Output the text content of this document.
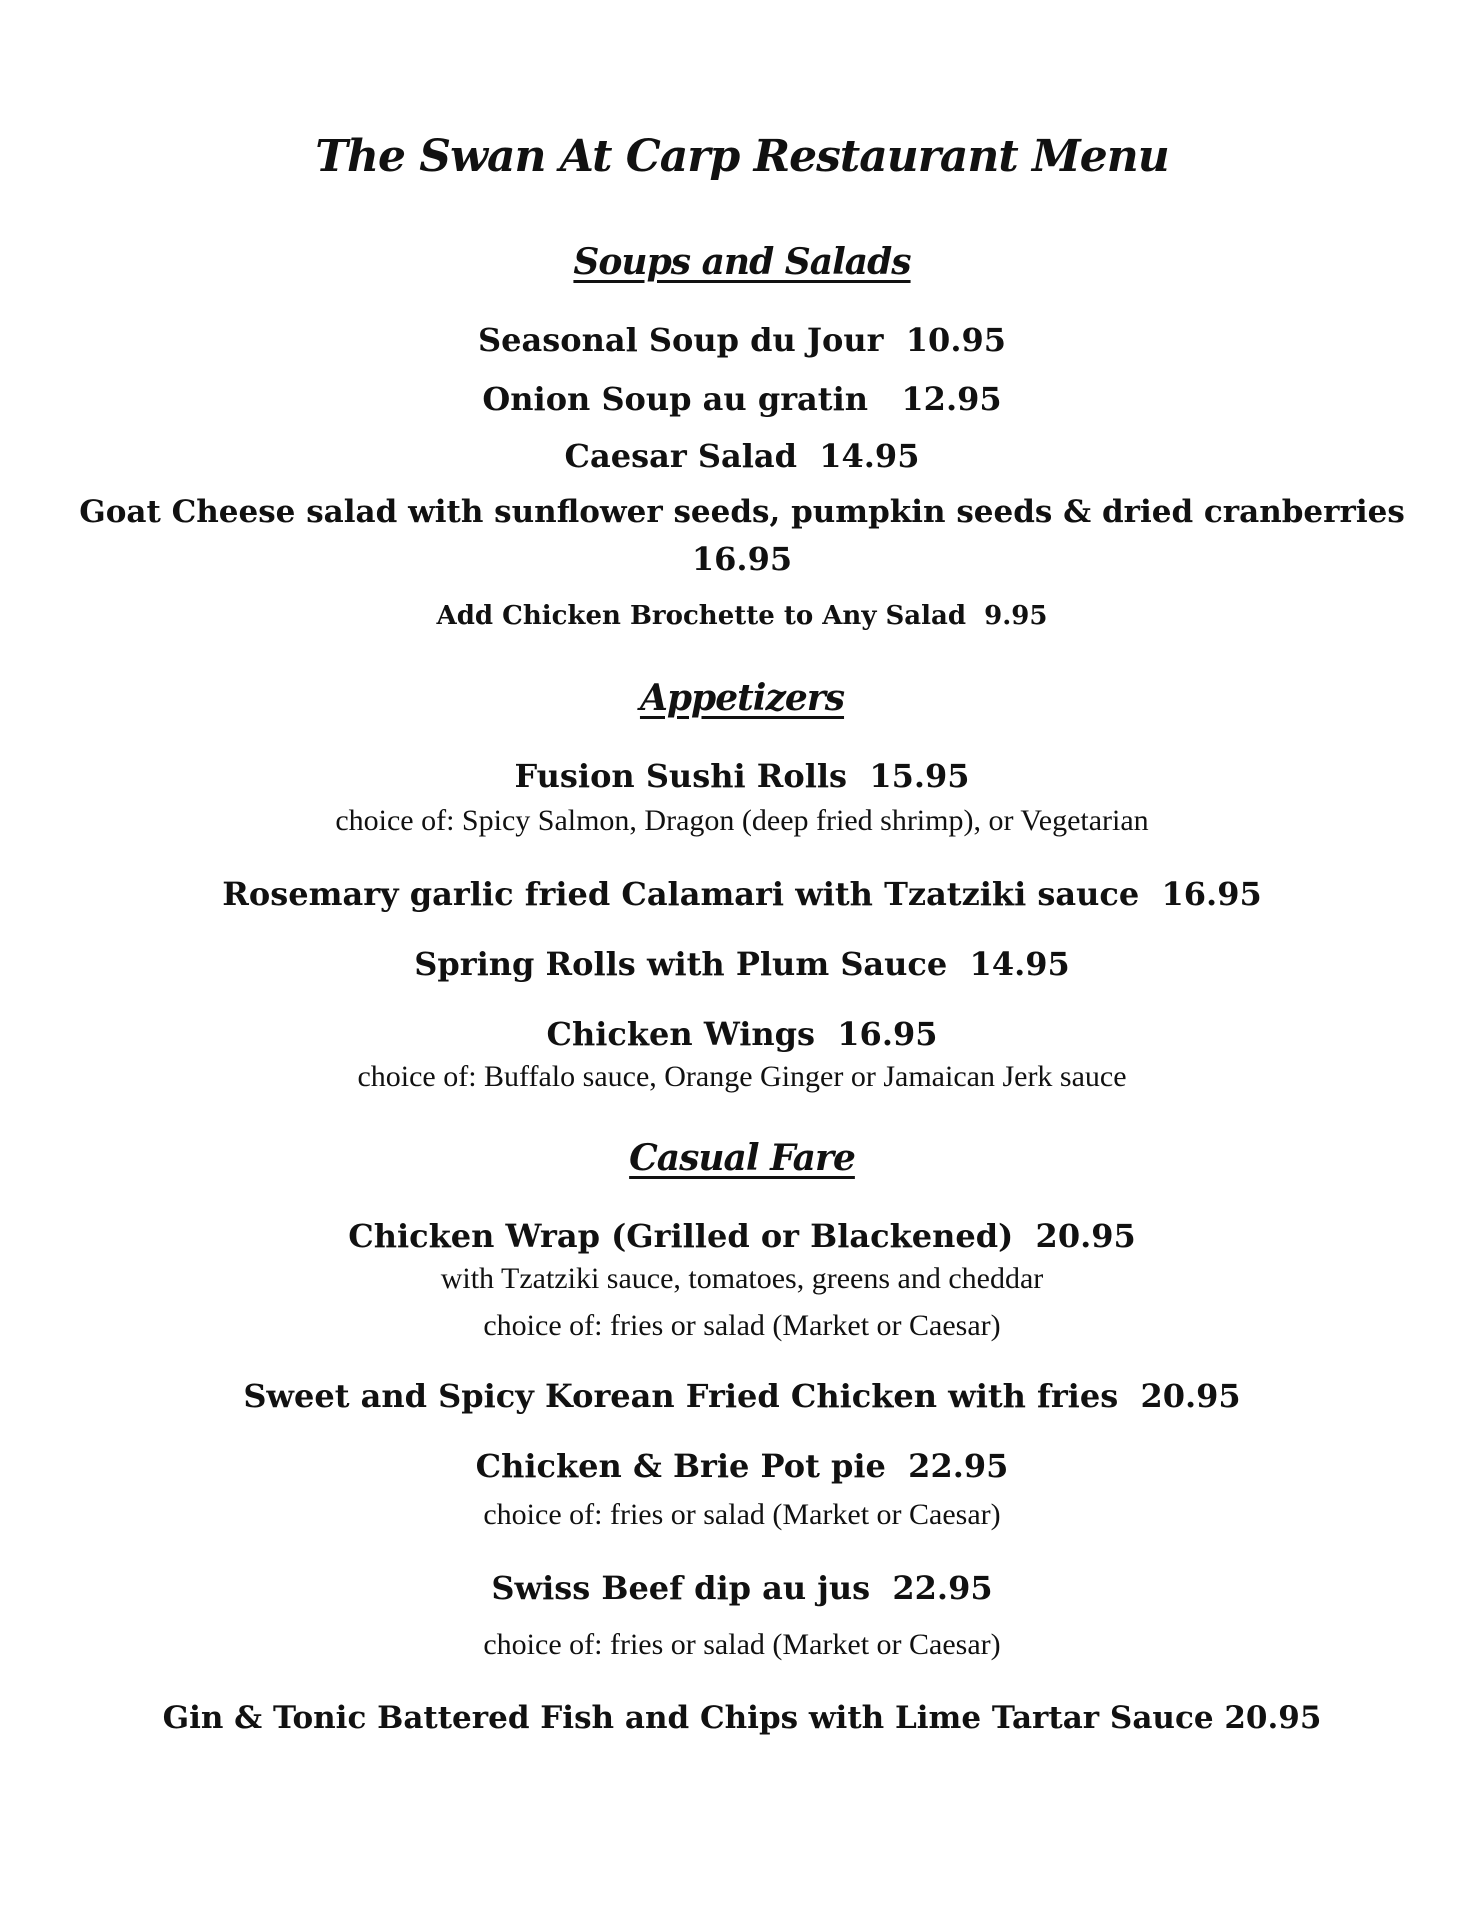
The Swan At Carp Restaurant Menu
Soups and Salads
Seasonal Soup du Jour  10.95
Onion Soup au gratin   12.95
Caesar Salad  14.95
Goat Cheese salad with sunflower seeds, pumpkin seeds & dried cranberries
16.95
Add Chicken Brochette to Any Salad  9.95
Appetizers
Fusion Sushi Rolls  15.95
choice of: Spicy Salmon, Dragon (deep fried shrimp), or Vegetarian
Rosemary garlic fried Calamari with Tzatziki sauce  16.95
Spring Rolls with Plum Sauce  14.95
Chicken Wings  16.95
choice of: Buffalo sauce, Orange Ginger or Jamaican Jerk sauce
Casual Fare
Chicken Wrap (Grilled or Blackened)  20.95
with Tzatziki sauce, tomatoes, greens and cheddar
choice of: fries or salad (Market or Caesar)
Sweet and Spicy Korean Fried Chicken with fries  20.95
Chicken & Brie Pot pie  22.95
choice of: fries or salad (Market or Caesar)
Swiss Beef dip au jus  22.95
choice of: fries or salad (Market or Caesar)
Gin & Tonic Battered Fish and Chips with Lime Tartar Sauce 20.95
